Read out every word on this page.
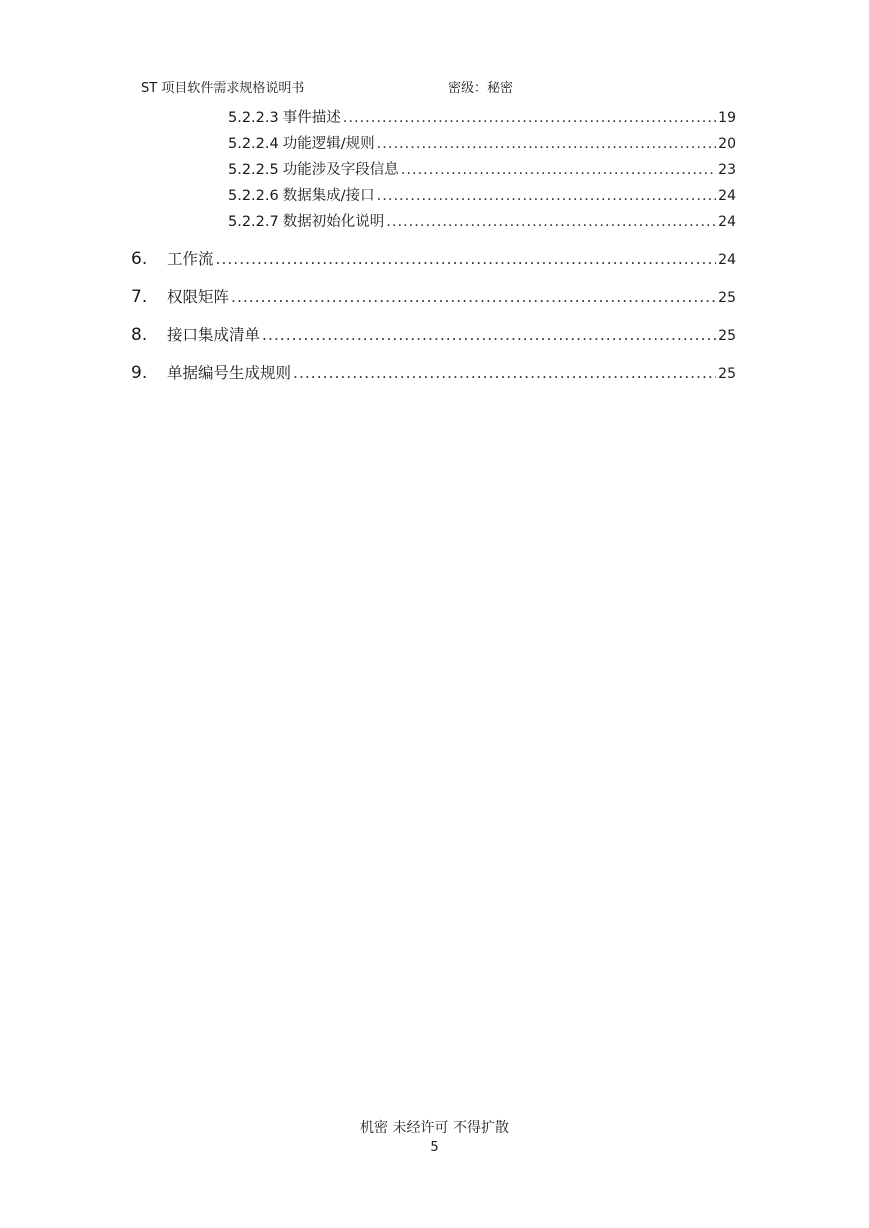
ST 项目软件需求规格说明书	密级：秘密
5.2.2.3 事件描述 .....	19
5.2.2.4 功能逻辑/规则 .....	20
5.2.2.5 功能涉及字段信息 .....	23
5.2.2.6 数据集成/接口 .....	24
5.2.2.7 数据初始化说明 .....	24
6.	工作流 .....	24
7.	权限矩阵 .....	25
8.	接口集成清单 .....	25
9.	单据编号生成规则 .....	25
机密 未经许可 不得扩散
5
